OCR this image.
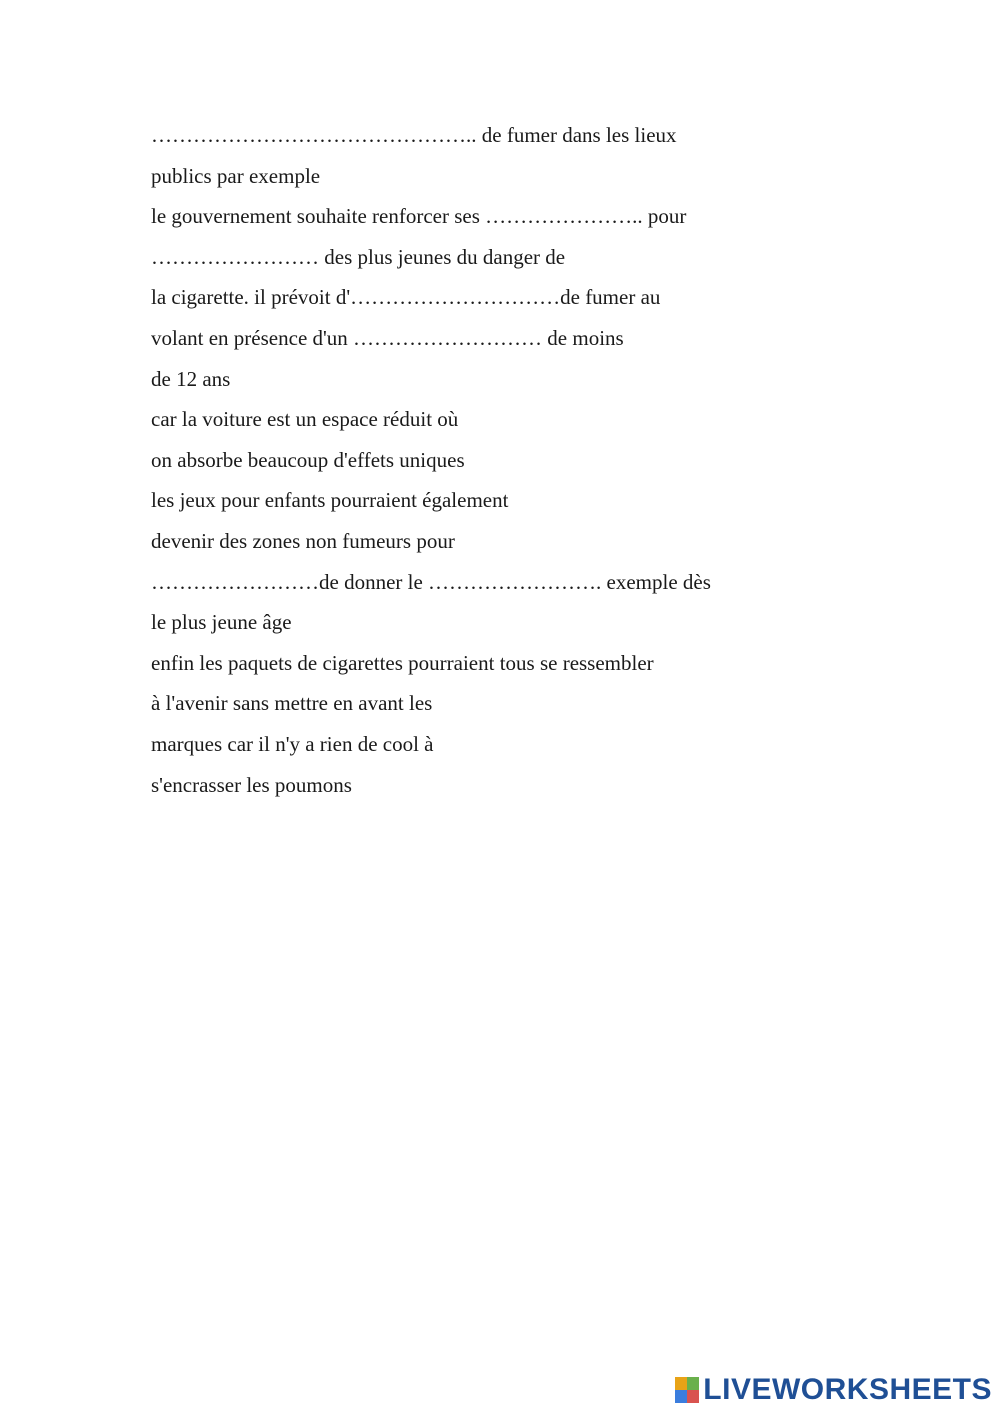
……………………………………….. de fumer dans les lieux
publics par exemple
le gouvernement souhaite renforcer ses ………………….. pour
…………………… des plus jeunes du danger de
la cigarette. il prévoit d'…………………………de fumer au
volant en présence d'un ……………………… de moins
de 12 ans
car la voiture est un espace réduit où
on absorbe beaucoup d'effets uniques
les jeux pour enfants pourraient également
devenir des zones non fumeurs pour
……………………de donner le ……………………. exemple dès
le plus jeune âge
enfin les paquets de cigarettes pourraient tous se ressembler
à l'avenir sans mettre en avant les
marques car il n'y a rien de cool à
s'encrasser les poumons
LIVEWORKSHEETS
